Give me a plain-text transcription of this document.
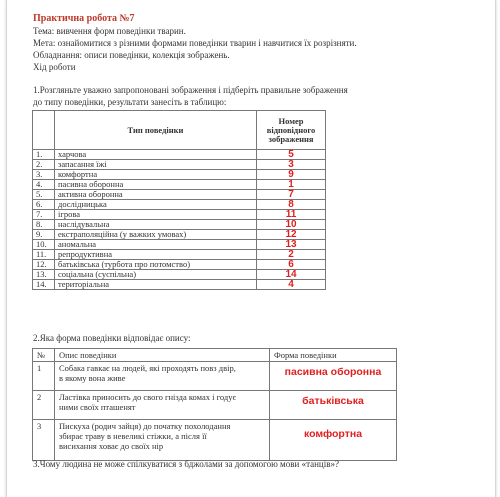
Практична робота №7
Тема: вивчення форм поведінки тварин.
Мета: ознайомитися з різними формами поведінки тварин і навчитися їх розрізняти.
Обладнання: описи поведінки, колекція зображень.
Хід роботи
1.Розгляньте уважно запропоновані зображення і підберіть правильне зображення
до типу поведінки, результати занесіть в таблицю:
	Тип поведінки	Номер
відповідного
зображення

1.	харчова	5
2.	запасання їжі	3
3.	комфортна	9
4.	пасивна оборонна	1
5.	активна оборонна	7
6.	дослідницька	8
7.	ігрова	11
8.	наслідувальна	10
9.	екстраполяційна (у важких умовах)	12
10.	аномальна	13
11.	репродуктивна	2
12.	батьківська (турбота про потомство)	6
13.	соціальна (суспільна)	14
14.	територіальна	4
2.Яка форма поведінки відповідає опису:
№	Опис поведінки	Форма поведінки
1	Собака гавкає на людей, які проходять повз двір,
в якому вона живе	пасивна оборонна

2	Ластівка приносить до свого гнізда комах і годує
ними своїх пташенят	батьківська

3	Пискуха (родич зайця) до початку похолодання
збирає траву в невеликі стіжки, а після її
висихання ховає до своїх нір	комфортна
3.Чому людина не може спілкуватися з бджолами за допомогою мови «танців»?
